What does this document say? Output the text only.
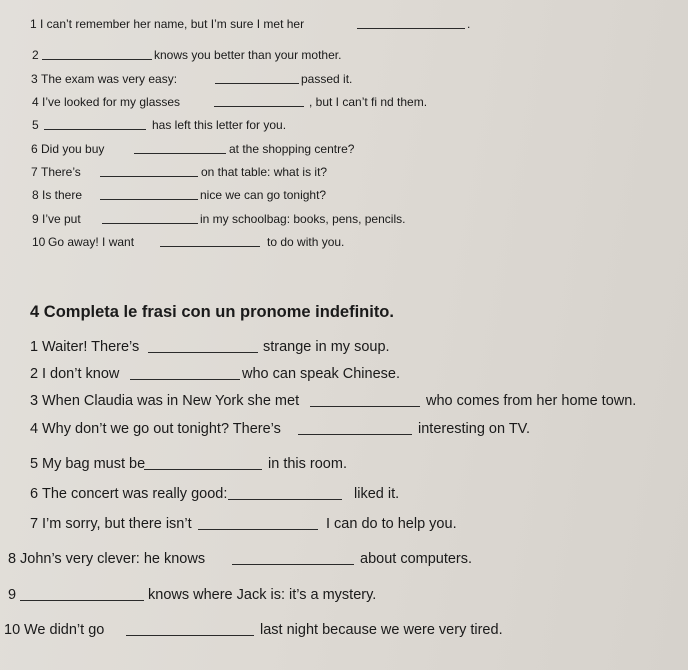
1 I can’t remember her name, but I’m sure I met her	.
2	knows you better than your mother.
3 The exam was very easy:	passed it.
4 I’ve looked for my glasses	, but I can’t fi nd them.
5	has left this letter for you.
6 Did you buy	at the shopping centre?
7 There’s	on that table: what is it?
8 Is there	nice we can go tonight?
9 I’ve put	in my schoolbag: books, pens, pencils.
10 Go away! I want	to do with you.
4 Completa le frasi con un pronome indefinito.
1 Waiter! There’s	strange in my soup.
2 I don’t know	who can speak Chinese.
3 When Claudia was in New York she met	who comes from her home town.
4 Why don’t we go out tonight? There’s	interesting on TV.
5 My bag must be	in this room.
6 The concert was really good:	liked it.
7 I’m sorry, but there isn’t	I can do to help you.
8 John’s very clever: he knows	about computers.
9	knows where Jack is: it’s a mystery.
10 We didn’t go	last night because we were very tired.
